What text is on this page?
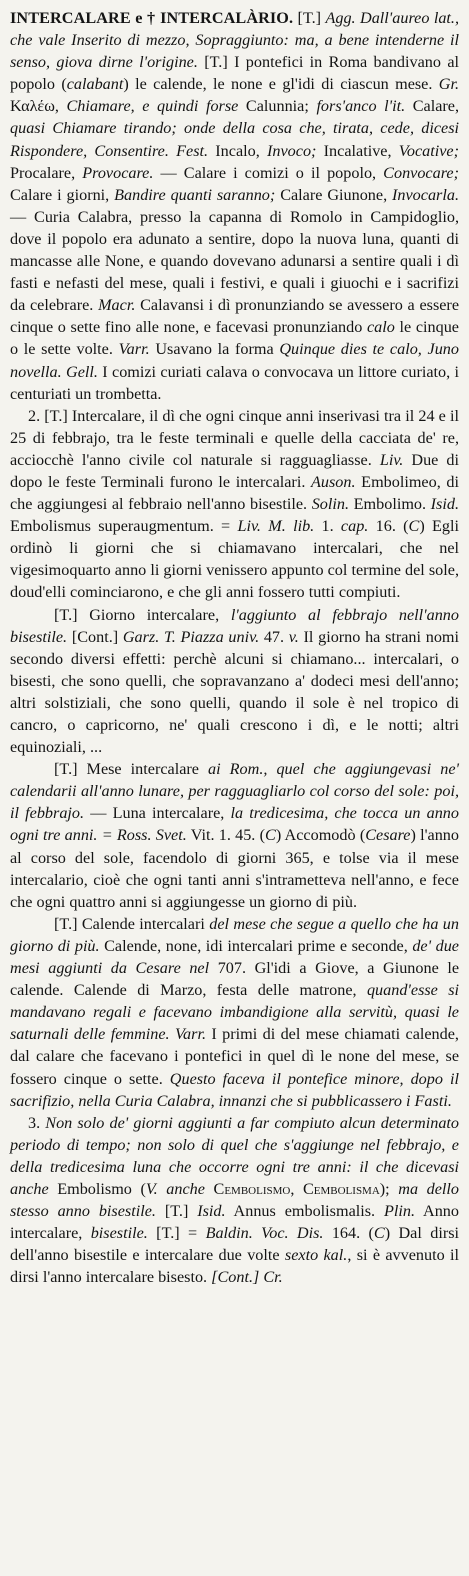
INTERCALARE e † INTERCALÀRIO. [T.] Agg. Dall'aureo lat., che vale Inserito di mezzo, Sopraggiunto: ma, a bene intenderne il senso, giova dirne l'origine. [T.] I pontefici in Roma bandivano al popolo (calabant) le calende, le none e gl'idi di ciascun mese. Gr. Καλέω, Chiamare, e quindi forse Calunnia; fors'anco l'it. Calare, quasi Chiamare tirando; onde della cosa che, tirata, cede, dicesi Rispondere, Consentire. Fest. Incalo, Invoco; Incalative, Vocative; Procalare, Provocare. — Calare i comizi o il popolo, Convocare; Calare i giorni, Bandire quanti saranno; Calare Giunone, Invocarla. — Curia Calabra, presso la capanna di Romolo in Campidoglio, dove il popolo era adunato a sentire, dopo la nuova luna, quanti di mancasse alle None, e quando dovevano adunarsi a sentire quali i dì fasti e nefasti del mese, quali i festivi, e quali i giuochi e i sacrifizi da celebrare. Macr. Calavansi i dì pronunziando se avessero a essere cinque o sette fino alle none, e facevasi pronunziando calo le cinque o le sette volte. Varr. Usavano la forma Quinque dies te calo, Juno novella. Gell. I comizi curiati calava o convocava un littore curiato, i centuriati un trombetta.

2. [T.] Intercalare, il dì che ogni cinque anni inserivasi tra il 24 e il 25 di febbrajo, tra le feste terminali e quelle della cacciata de' re, acciocchè l'anno civile col naturale si ragguagliasse. Liv. Due di dopo le feste Terminali furono le intercalari. Auson. Embolimeo, di che aggiungesi al febbraio nell'anno bisestile. Solin. Embolimo. Isid. Embolismus superaugmentum. = Liv. M. lib. 1. cap. 16. (C) Egli ordinò li giorni che si chiamavano intercalari, che nel vigesimoquarto anno li giorni venissero appunto col termine del sole, doud'elli cominciarono, e che gli anni fossero tutti compiuti.

[T.] Giorno intercalare, l'aggiunto al febbrajo nell'anno bisestile. [Cont.] Garz. T. Piazza univ. 47. v. Il giorno ha strani nomi secondo diversi effetti: perchè alcuni si chiamano... intercalari, o bisesti, che sono quelli, che sopravanzano a' dodeci mesi dell'anno; altri solstiziali, che sono quelli, quando il sole è nel tropico di cancro, o capricorno, ne' quali crescono i dì, e le notti; altri equinoziali, ...

[T.] Mese intercalare ai Rom., quel che aggiungevasi ne' calendarii all'anno lunare, per ragguagliarlo col corso del sole: poi, il febbrajo. — Luna intercalare, la tredicesima, che tocca un anno ogni tre anni. = Ross. Svet. Vit. 1. 45. (C) Accomodò (Cesare) l'anno al corso del sole, facendolo di giorni 365, e tolse via il mese intercalario, cioè che ogni tanti anni s'intrametteva nell'anno, e fece che ogni quattro anni si aggiungesse un giorno di più.

[T.] Calende intercalari del mese che segue a quello che ha un giorno di più. Calende, none, idi intercalari prime e seconde, de' due mesi aggiunti da Cesare nel 707. Gl'idi a Giove, a Giunone le calende. Calende di Marzo, festa delle matrone, quand'esse si mandavano regali e facevano imbandigione alla servitù, quasi le saturnali delle femmine. Varr. I primi di del mese chiamati calende, dal calare che facevano i pontefici in quel dì le none del mese, se fossero cinque o sette. Questo faceva il pontefice minore, dopo il sacrifizio, nella Curia Calabra, innanzi che si pubblicassero i Fasti.

3. Non solo de' giorni aggiunti a far compiuto alcun determinato periodo di tempo; non solo di quel che s'aggiunge nel febbrajo, e della tredicesima luna che occorre ogni tre anni: il che dicevasi anche Embolismo (V. anche Cembolismo, Cembolisma); ma dello stesso anno bisestile. [T.] Isid. Annus embolismalis. Plin. Anno intercalare, bisestile. [T.] = Baldin. Voc. Dis. 164. (C) Dal dirsi dell'anno bisestile e intercalare due volte sexto kal., si è avvenuto il dirsi l'anno intercalare bisesto. [Cont.] Cr.
